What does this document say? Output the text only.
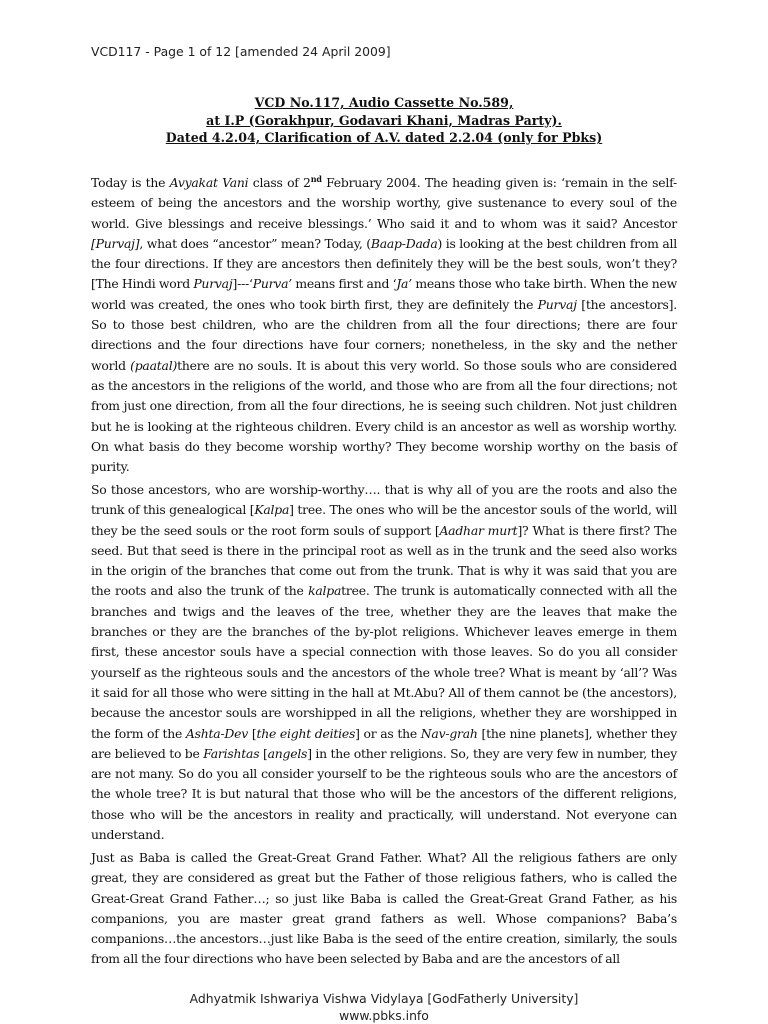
VCD117 - Page 1 of 12 [amended 24 April 2009]
VCD No.117, Audio Cassette No.589,
at I.P (Gorakhpur, Godavari Khani, Madras Party).
Dated 4.2.04, Clarification of A.V. dated 2.2.04 (only for Pbks)

Today is the Avyakat Vani class of 2nd February 2004. The heading given is: ‘remain in the self-esteem of being the ancestors and the worship worthy, give sustenance to every soul of the world. Give blessings and receive blessings.’ Who said it and to whom was it said? Ancestor [Purvaj], what does “ancestor” mean? Today, (Baap-Dada) is looking at the best children from all the four directions. If they are ancestors then definitely they will be the best souls, won’t they? [The Hindi word Purvaj]---‘Purva’ means first and ‘Ja’ means those who take birth. When the new world was created, the ones who took birth first, they are definitely the Purvaj [the ancestors]. So to those best children, who are the children from all the four directions; there are four directions and the four directions have four corners; nonetheless, in the sky and the nether world (paatal)there are no souls. It is about this very world. So those souls who are considered as the ancestors in the religions of the world, and those who are from all the four directions; not from just one direction, from all the four directions, he is seeing such children. Not just children but he is looking at the righteous children. Every child is an ancestor as well as worship worthy. On what basis do they become worship worthy? They become worship worthy on the basis of purity.

So those ancestors, who are worship-worthy…. that is why all of you are the roots and also the trunk of this genealogical [Kalpa] tree. The ones who will be the ancestor souls of the world, will they be the seed souls or the root form souls of support [Aadhar murt]? What is there first? The seed. But that seed is there in the principal root as well as in the trunk and the seed also works in the origin of the branches that come out from the trunk. That is why it was said that you are the roots and also the trunk of the kalpatree. The trunk is automatically connected with all the branches and twigs and the leaves of the tree, whether they are the leaves that make the branches or they are the branches of the by-plot religions. Whichever leaves emerge in them first, these ancestor souls have a special connection with those leaves. So do you all consider yourself as the righteous souls and the ancestors of the whole tree? What is meant by ‘all’? Was it said for all those who were sitting in the hall at Mt.Abu? All of them cannot be (the ancestors), because the ancestor souls are worshipped in all the religions, whether they are worshipped in the form of the Ashta-Dev [the eight deities] or as the Nav-grah [the nine planets], whether they are believed to be Farishtas [angels] in the other religions. So, they are very few in number, they are not many. So do you all consider yourself to be the righteous souls who are the ancestors of the whole tree? It is but natural that those who will be the ancestors of the different religions, those who will be the ancestors in reality and practically, will understand. Not everyone can understand.

Just as Baba is called the Great-Great Grand Father. What? All the religious fathers are only great, they are considered as great but the Father of those religious fathers, who is called the Great-Great Grand Father…; so just like Baba is called the Great-Great Grand Father, as his companions, you are master great grand fathers as well. Whose companions? Baba’s companions…the ancestors…just like Baba is the seed of the entire creation, similarly, the souls from all the four directions who have been selected by Baba and are the ancestors of all

Adhyatmik Ishwariya Vishwa Vidylaya [GodFatherly University]
www.pbks.info
